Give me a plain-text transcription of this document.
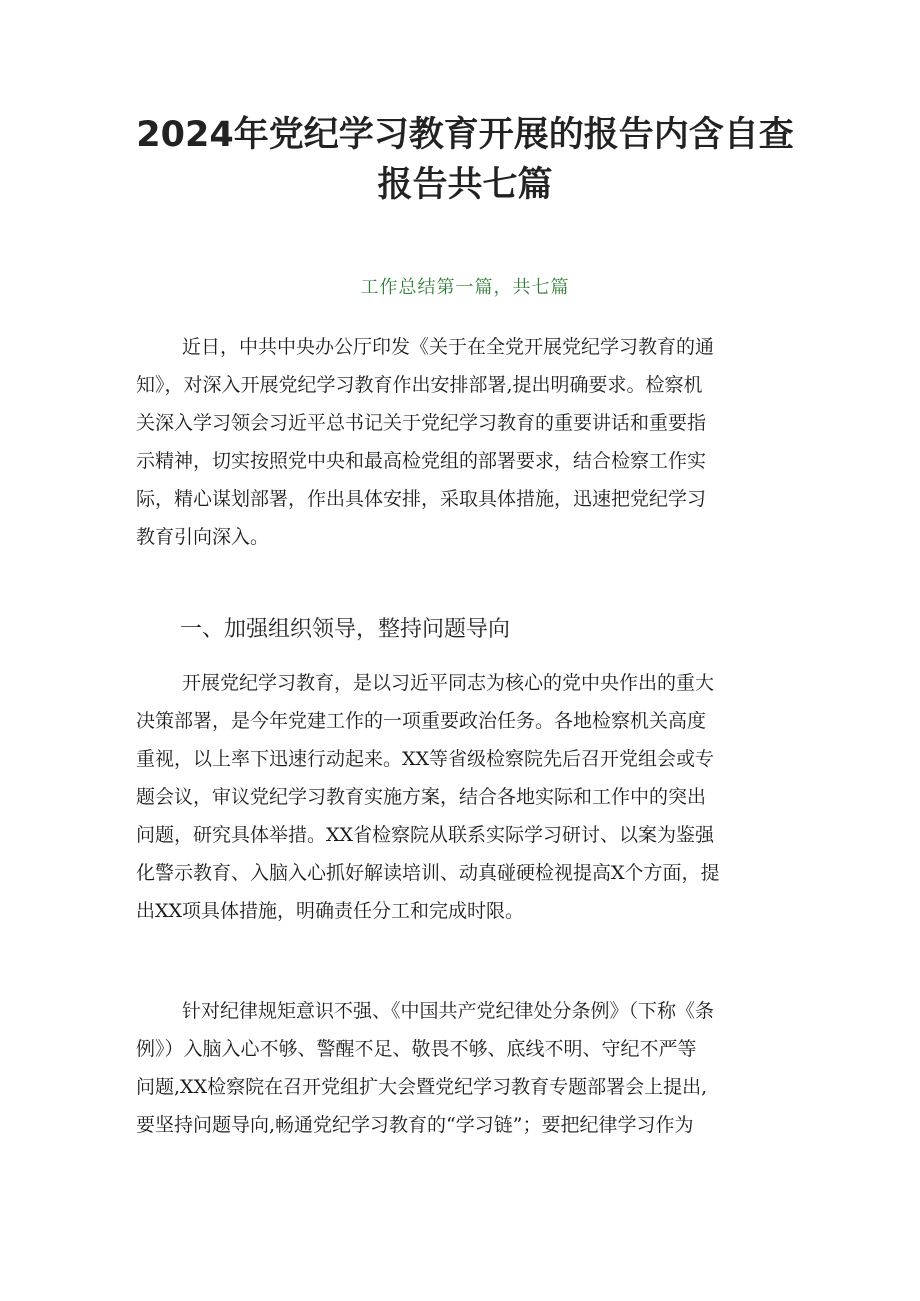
2024年党纪学习教育开展的报告内含自查
报告共七篇
工作总结第一篇，共七篇
近日，中共中央办公厅印发《关于在全党开展党纪学习教育的通
知》，对深入开展党纪学习教育作出安排部署,提出明确要求。检察机
关深入学习领会习近平总书记关于党纪学习教育的重要讲话和重要指
示精神，切实按照党中央和最高检党组的部署要求，结合检察工作实
际，精心谋划部署，作出具体安排，采取具体措施，迅速把党纪学习
教育引向深入。
一、加强组织领导，整持问题导向
开展党纪学习教育，是以习近平同志为核心的党中央作出的重大
决策部署，是今年党建工作的一项重要政治任务。各地检察机关高度
重视，以上率下迅速行动起来。XX等省级检察院先后召开党组会或专
题会议，审议党纪学习教育实施方案，结合各地实际和工作中的突出
问题，研究具体举措。XX省检察院从联系实际学习研讨、以案为鉴强
化警示教育、入脑入心抓好解读培训、动真碰硬检视提高X个方面，提
出XX项具体措施，明确责任分工和完成时限。
针对纪律规矩意识不强、《中国共产党纪律处分条例》（下称《条
例》）入脑入心不够、警醒不足、敬畏不够、底线不明、守纪不严等
问题,XX检察院在召开党组扩大会暨党纪学习教育专题部署会上提出,
要坚持问题导向,畅通党纪学习教育的“学习链”；要把纪律学习作为
